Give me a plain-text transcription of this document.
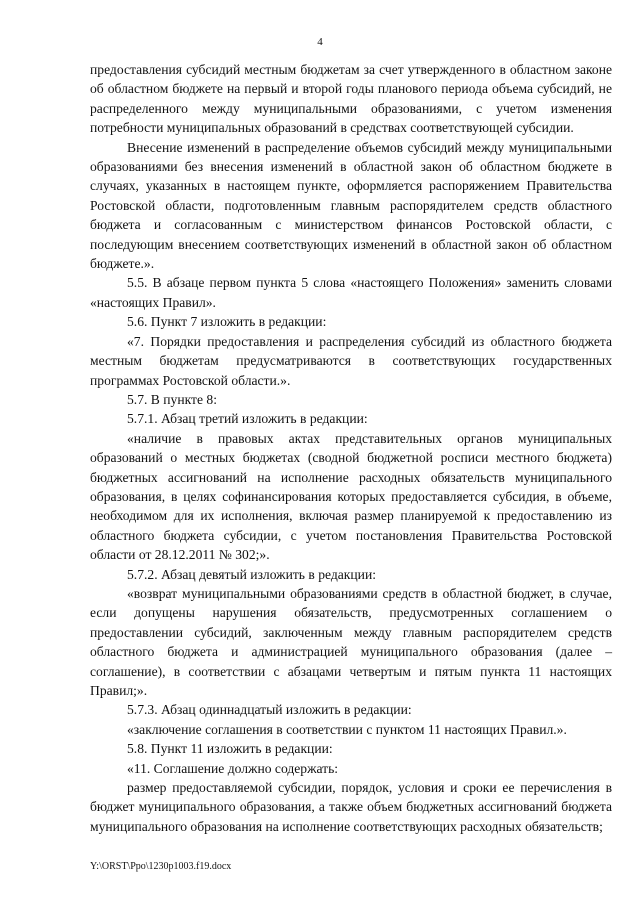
4

предоставления субсидий местным бюджетам за счет утвержденного в областном законе об областном бюджете на первый и второй годы планового периода объема субсидий, не распределенного между муниципальными образованиями, с учетом изменения потребности муниципальных образований в средствах соответствующей субсидии.

Внесение изменений в распределение объемов субсидий между муниципальными образованиями без внесения изменений в областной закон об областном бюджете в случаях, указанных в настоящем пункте, оформляется распоряжением Правительства Ростовской области, подготовленным главным распорядителем средств областного бюджета и согласованным с министерством финансов Ростовской области, с последующим внесением соответствующих изменений в областной закон об областном бюджете.».

5.5. В абзаце первом пункта 5 слова «настоящего Положения» заменить словами «настоящих Правил».

5.6. Пункт 7 изложить в редакции:

«7. Порядки предоставления и распределения субсидий из областного бюджета местным бюджетам предусматриваются в соответствующих государственных программах Ростовской области.».

5.7. В пункте 8:

5.7.1. Абзац третий изложить в редакции:

«наличие в правовых актах представительных органов муниципальных образований о местных бюджетах (сводной бюджетной росписи местного бюджета) бюджетных ассигнований на исполнение расходных обязательств муниципального образования, в целях софинансирования которых предоставляется субсидия, в объеме, необходимом для их исполнения, включая размер планируемой к предоставлению из областного бюджета субсидии, с учетом постановления Правительства Ростовской области от 28.12.2011 № 302;».

5.7.2. Абзац девятый изложить в редакции:

«возврат муниципальными образованиями средств в областной бюджет, в случае, если допущены нарушения обязательств, предусмотренных соглашением о предоставлении субсидий, заключенным между главным распорядителем средств областного бюджета и администрацией муниципального образования (далее – соглашение), в соответствии с абзацами четвертым и пятым пункта 11 настоящих Правил;».

5.7.3. Абзац одиннадцатый изложить в редакции:

«заключение соглашения в соответствии с пунктом 11 настоящих Правил.».

5.8. Пункт 11 изложить в редакции:

«11. Соглашение должно содержать:

размер предоставляемой субсидии, порядок, условия и сроки ее перечисления в бюджет муниципального образования, а также объем бюджетных ассигнований бюджета муниципального образования на исполнение соответствующих расходных обязательств;

Y:\ORST\Ppo\1230p1003.f19.docx
